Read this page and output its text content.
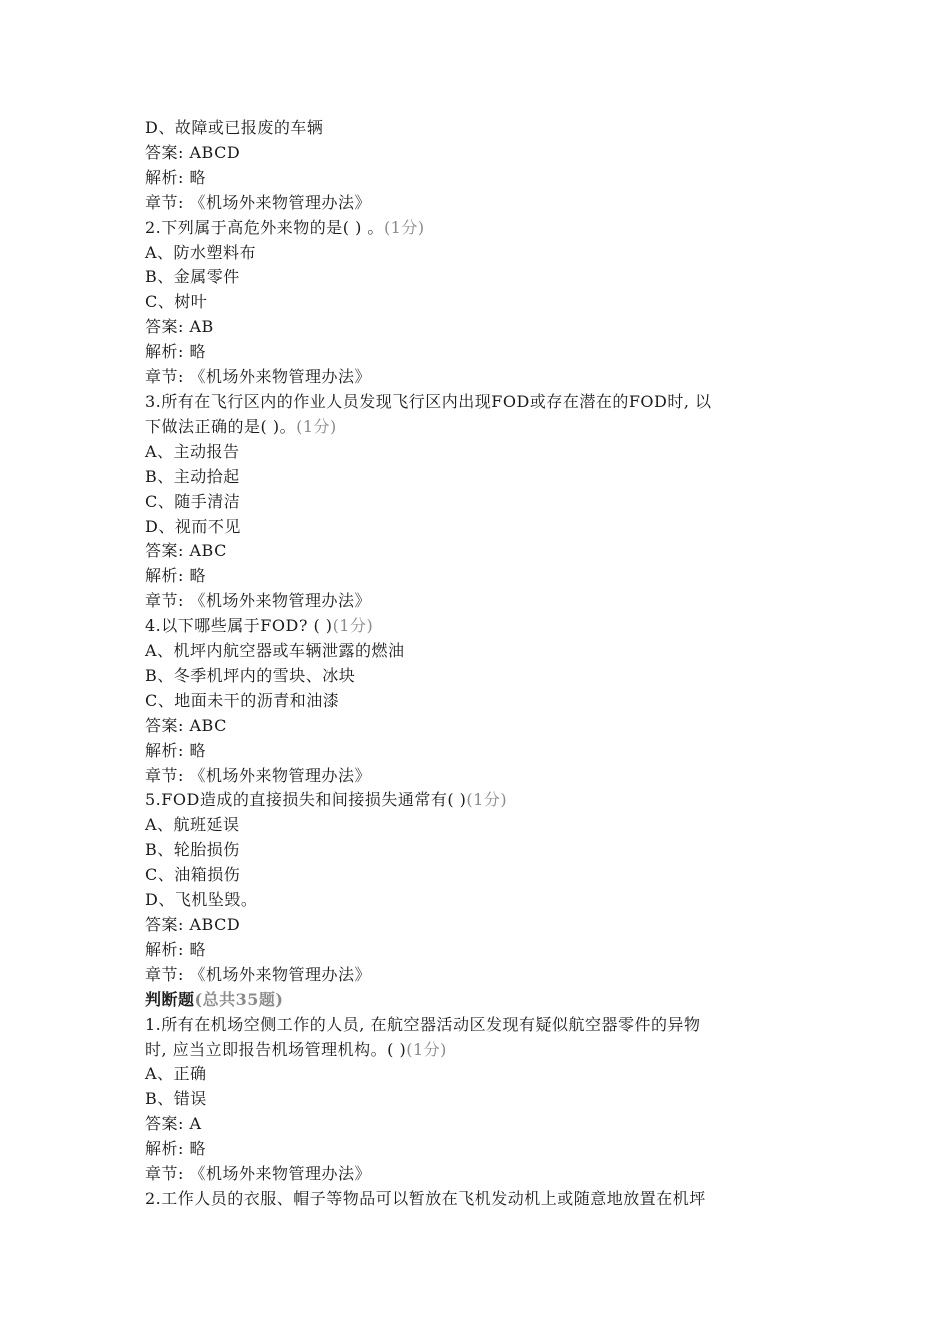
D、故障或已报废的车辆
答案: ABCD
解析: 略
章节: 《机场外来物管理办法》
2.下列属于高危外来物的是( ) 。(1分)
A、防水塑料布
B、金属零件
C、树叶
答案: AB
解析: 略
章节: 《机场外来物管理办法》
3.所有在飞行区内的作业人员发现飞行区内出现FOD或存在潜在的FOD时, 以
下做法正确的是( )。(1分)
A、主动报告
B、主动拾起
C、随手清洁
D、视而不见
答案: ABC
解析: 略
章节: 《机场外来物管理办法》
4.以下哪些属于FOD? ( )(1分)
A、机坪内航空器或车辆泄露的燃油
B、冬季机坪内的雪块、冰块
C、地面未干的沥青和油漆
答案: ABC
解析: 略
章节: 《机场外来物管理办法》
5.FOD造成的直接损失和间接损失通常有( )(1分)
A、航班延误
B、轮胎损伤
C、油箱损伤
D、飞机坠毁。
答案: ABCD
解析: 略
章节: 《机场外来物管理办法》
判断题(总共35题)
1.所有在机场空侧工作的人员, 在航空器活动区发现有疑似航空器零件的异物
时, 应当立即报告机场管理机构。( )(1分)
A、正确
B、错误
答案: A
解析: 略
章节: 《机场外来物管理办法》
2.工作人员的衣服、帽子等物品可以暂放在飞机发动机上或随意地放置在机坪
